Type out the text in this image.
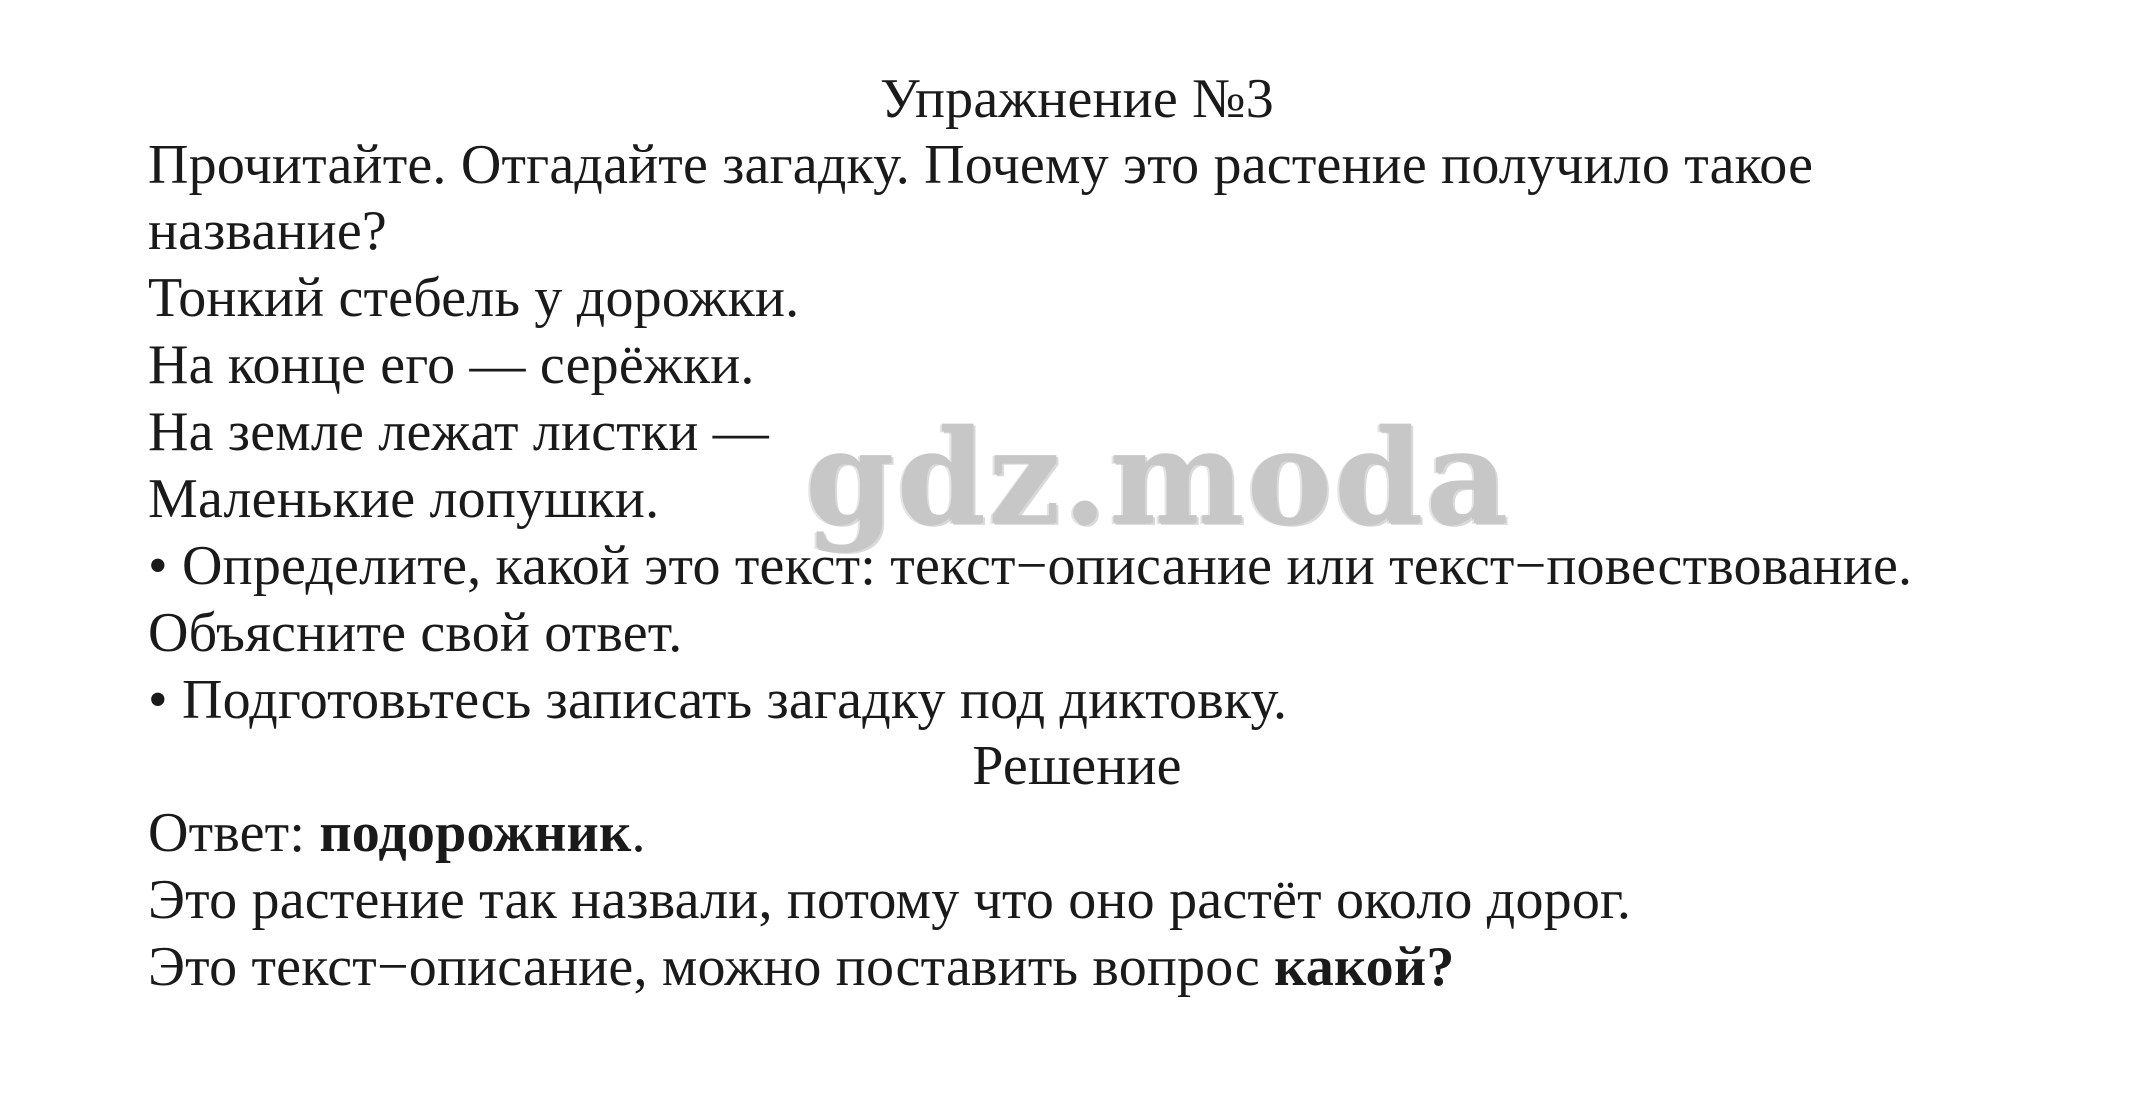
Упражнение №3
Прочитайте. Отгадайте загадку. Почему это растение получило такое
название?
Тонкий стебель у дорожки.
На конце его — серёжки.
На земле лежат листки —
Маленькие лопушки.
• Определите, какой это текст: текст−описание или текст−повествование.
Объясните свой ответ.
• Подготовьтесь записать загадку под диктовку.
Решение
Ответ: подорожник.
Это растение так назвали, потому что оно растёт около дорог.
Это текст−описание, можно поставить вопрос какой?
gdz.moda
